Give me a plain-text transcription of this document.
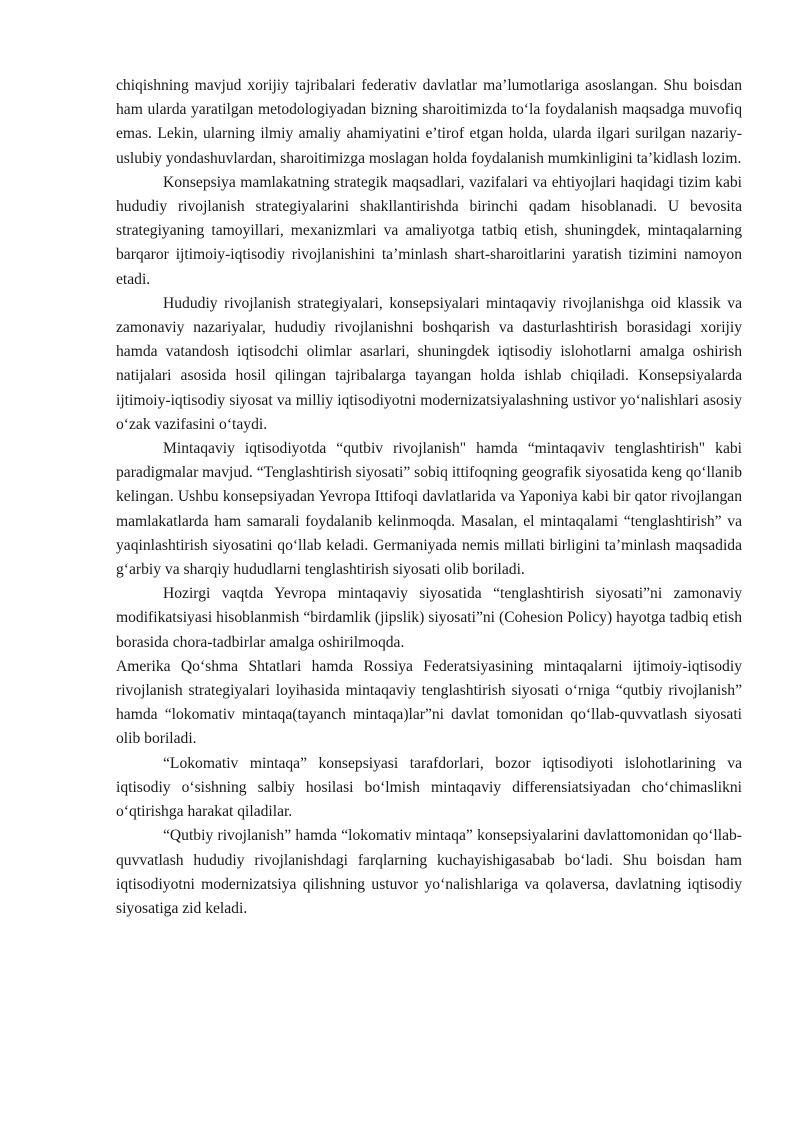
chiqishning mavjud xorijiy tajribalari federativ davlatlar ma’lumotlariga asoslangan. Shu boisdan ham ularda yaratilgan metodologiyadan bizning sharoitimizda to‘la foydalanish maqsadga muvofiq emas. Lekin, ularning ilmiy amaliy ahamiyatini e’tirof etgan holda, ularda ilgari surilgan nazariy-uslubiy yondashuvlardan, sharoitimizga moslagan holda foydalanish mumkinligini ta’kidlash lozim.

Konsepsiya mamlakatning strategik maqsadlari, vazifalari va ehtiyojlari haqidagi tizim kabi hududiy rivojlanish strategiyalarini shakllantirishda birinchi qadam hisoblanadi. U bevosita strategiyaning tamoyillari, mexanizmlari va amaliyotga tatbiq etish, shuningdek, mintaqalarning barqaror ijtimoiy-iqtisodiy rivojlanishini ta’minlash shart-sharoitlarini yaratish tizimini namoyon etadi.

Hududiy rivojlanish strategiyalari, konsepsiyalari mintaqaviy rivojlanishga oid klassik va zamonaviy nazariyalar, hududiy rivojlanishni boshqarish va dasturlashtirish borasidagi xorijiy hamda vatandosh iqtisodchi olimlar asarlari, shuningdek iqtisodiy islohotlarni amalga oshirish natijalari asosida hosil qilingan tajribalarga tayangan holda ishlab chiqiladi. Konsepsiyalarda ijtimoiy-iqtisodiy siyosat va milliy iqtisodiyotni modernizatsiyalashning ustivor yo‘nalishlari asosiy o‘zak vazifasini o‘taydi.

Mintaqaviy iqtisodiyotda “qutbiv rivojlanish" hamda “mintaqaviv tenglashtirish" kabi paradigmalar mavjud. “Tenglashtirish siyosati” sobiq ittifoqning geografik siyosatida keng qo‘llanib kelingan. Ushbu konsepsiyadan Yevropa Ittifoqi davlatlarida va Yaponiya kabi bir qator rivojlangan mamlakatlarda ham samarali foydalanib kelinmoqda. Masalan, el mintaqalami “tenglashtirish” va yaqinlashtirish siyosatini qo‘llab keladi. Germaniyada nemis millati birligini ta’minlash maqsadida g‘arbiy va sharqiy hududlarni tenglashtirish siyosati olib boriladi.

Hozirgi vaqtda Yevropa mintaqaviy siyosatida “tenglashtirish siyosati”ni zamonaviy modifikatsiyasi hisoblanmish “birdamlik (jipslik) siyosati”ni (Cohesion Policy) hayotga tadbiq etish borasida chora-tadbirlar amalga oshirilmoqda.

Amerika Qo‘shma Shtatlari hamda Rossiya Federatsiyasining mintaqalarni ijtimoiy-iqtisodiy rivojlanish strategiyalari loyihasida mintaqaviy tenglashtirish siyosati o‘rniga “qutbiy rivojlanish” hamda “lokomativ mintaqa(tayanch mintaqa)lar”ni davlat tomonidan qo‘llab-quvvatlash siyosati olib boriladi.

“Lokomativ mintaqa” konsepsiyasi tarafdorlari, bozor iqtisodiyoti islohotlarining va iqtisodiy o‘sishning salbiy hosilasi bo‘lmish mintaqaviy differensiatsiyadan cho‘chimaslikni o‘qtirishga harakat qiladilar.

“Qutbiy rivojlanish” hamda “lokomativ mintaqa” konsepsiyalarini davlattomonidan qo‘llab-quvvatlash hududiy rivojlanishdagi farqlarning kuchayishigasabab bo‘ladi. Shu boisdan ham iqtisodiyotni modernizatsiya qilishning ustuvor yo‘nalishlariga va qolaversa, davlatning iqtisodiy siyosatiga zid keladi.
